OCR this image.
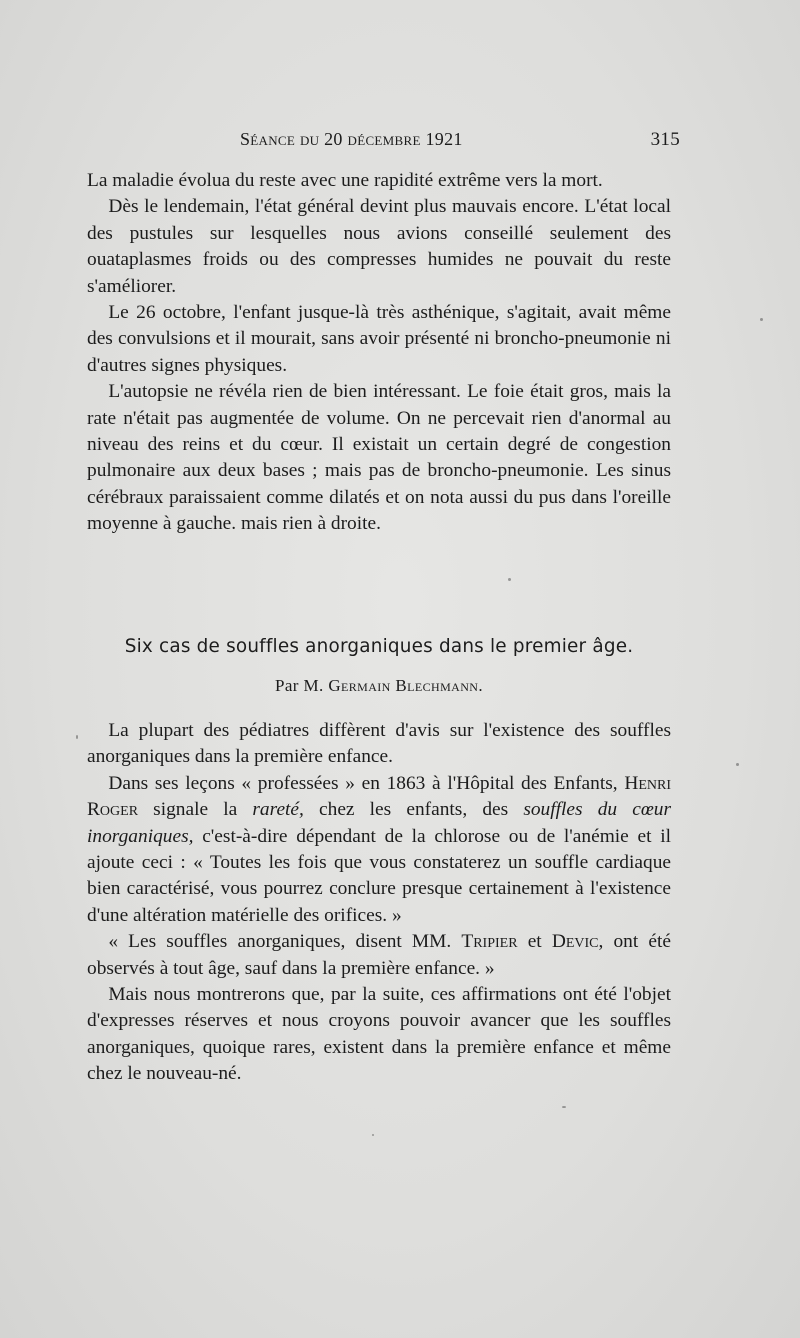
Séance du 20 décembre 1921	315

La maladie évolua du reste avec une rapidité extrême vers la mort.

Dès le lendemain, l'état général devint plus mauvais encore. L'état local des pustules sur lesquelles nous avions conseillé seulement des ouataplasmes froids ou des compresses humides ne pouvait du reste s'améliorer.

Le 26 octobre, l'enfant jusque-là très asthénique, s'agitait, avait même des convulsions et il mourait, sans avoir présenté ni broncho-pneumonie ni d'autres signes physiques.

L'autopsie ne révéla rien de bien intéressant. Le foie était gros, mais la rate n'était pas augmentée de volume. On ne percevait rien d'anormal au niveau des reins et du cœur. Il existait un certain degré de congestion pulmonaire aux deux bases ; mais pas de broncho-pneumonie. Les sinus cérébraux paraissaient comme dilatés et on nota aussi du pus dans l'oreille moyenne à gauche. mais rien à droite.

Six cas de souffles anorganiques dans le premier âge.
Par M. Germain Blechmann.

La plupart des pédiatres diffèrent d'avis sur l'existence des souffles anorganiques dans la première enfance.

Dans ses leçons « professées » en 1863 à l'Hôpital des Enfants, Henri Roger signale la rareté, chez les enfants, des souffles du cœur inorganiques, c'est-à-dire dépendant de la chlorose ou de l'anémie et il ajoute ceci : « Toutes les fois que vous constaterez un souffle cardiaque bien caractérisé, vous pourrez conclure presque certainement à l'existence d'une altération matérielle des orifices. »

« Les souffles anorganiques, disent MM. Tripier et Devic, ont été observés à tout âge, sauf dans la première enfance. »

Mais nous montrerons que, par la suite, ces affirmations ont été l'objet d'expresses réserves et nous croyons pouvoir avancer que les souffles anorganiques, quoique rares, existent dans la première enfance et même chez le nouveau-né.
